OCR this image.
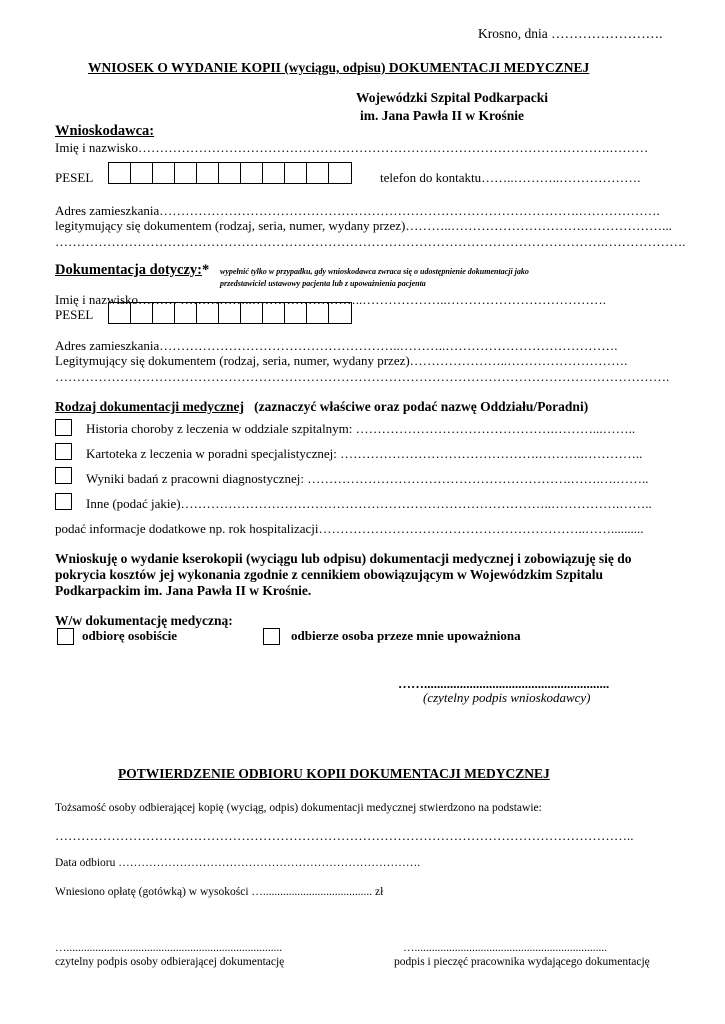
Krosno, dnia …………………….
WNIOSEK O WYDANIE KOPII (wyciągu, odpisu) DOKUMENTACJI MEDYCZNEJ
Wojewódzki Szpital Podkarpacki
im. Jana Pawła II w Krośnie
Wnioskodawca:
Imię i nazwisko……………………………………………………………………………………………….………
PESEL	telefon do kontaktu……..………..……………….
Adres zamieszkania…………………………………………………………………………………….……………….
legitymujący się dokumentem (rodzaj, seria, numer, wydany przez)………..………………………….………………...
……………………………………………………………………………………………………………….……………….
Dokumentacja dotyczy:* wypełnić tylko w przypadku, gdy wnioskodawca zwraca się o udostępnienie dokumentacji jako
przedstawiciel ustawowy pacjenta lub z upoważnienia pacjenta
Imię i nazwisko……… ……………..……………………..………………..……………………………….
PESEL
Adres zamieszkania………………………………………………..………..………………………………….
Legitymujący się dokumentem (rodzaj, seria, numer, wydany przez)…………………..……………………….
…………………………………………………………………………………………………………………………….
Rodzaj dokumentacji medycznej (zaznaczyć właściwe oraz podać nazwę Oddziału/Poradni)
Historia choroby z leczenia w oddziale szpitalnym: ……………………………………….………...……..
Kartoteka z leczenia w poradni specjalistycznej: ……………………………………….………..…………..
Wyniki badań z pracowni diagnostycznej: …………………………………………………….…….….……..
Inne (podać jakie)…………………………………………………………………………..…………….……..
podać informacje dodatkowe np. rok hospitalizacji……………………………………………………..……..........
Wnioskuję o wydanie kserokopii (wyciągu lub odpisu) dokumentacji medycznej i zobowiązuję się do
pokrycia kosztów jej wykonania zgodnie z cennikiem obowiązującym w Wojewódzkim Szpitalu
Podkarpackim im. Jana Pawła II w Krośnie.
W/w dokumentację medyczną:
odbiorę osobiście	odbierze osoba przeze mnie upoważniona
…….........................................................
(czytelny podpis wnioskodawcy)
POTWIERDZENIE ODBIORU KOPII DOKUMENTACJI MEDYCZNEJ
Tożsamość osoby odbierającej kopię (wyciąg, odpis) dokumentacji medycznej stwierdzono na podstawie:
……………………………………………………………………………………………………………………..
Data odbioru …………………………………………………………………….
Wniesiono opłatę (gotówką) w wysokości …...................................... zł
…...........................................................................
czytelny podpis osoby odbierającej dokumentację
…...................................................................
podpis i pieczęć pracownika wydającego dokumentację
